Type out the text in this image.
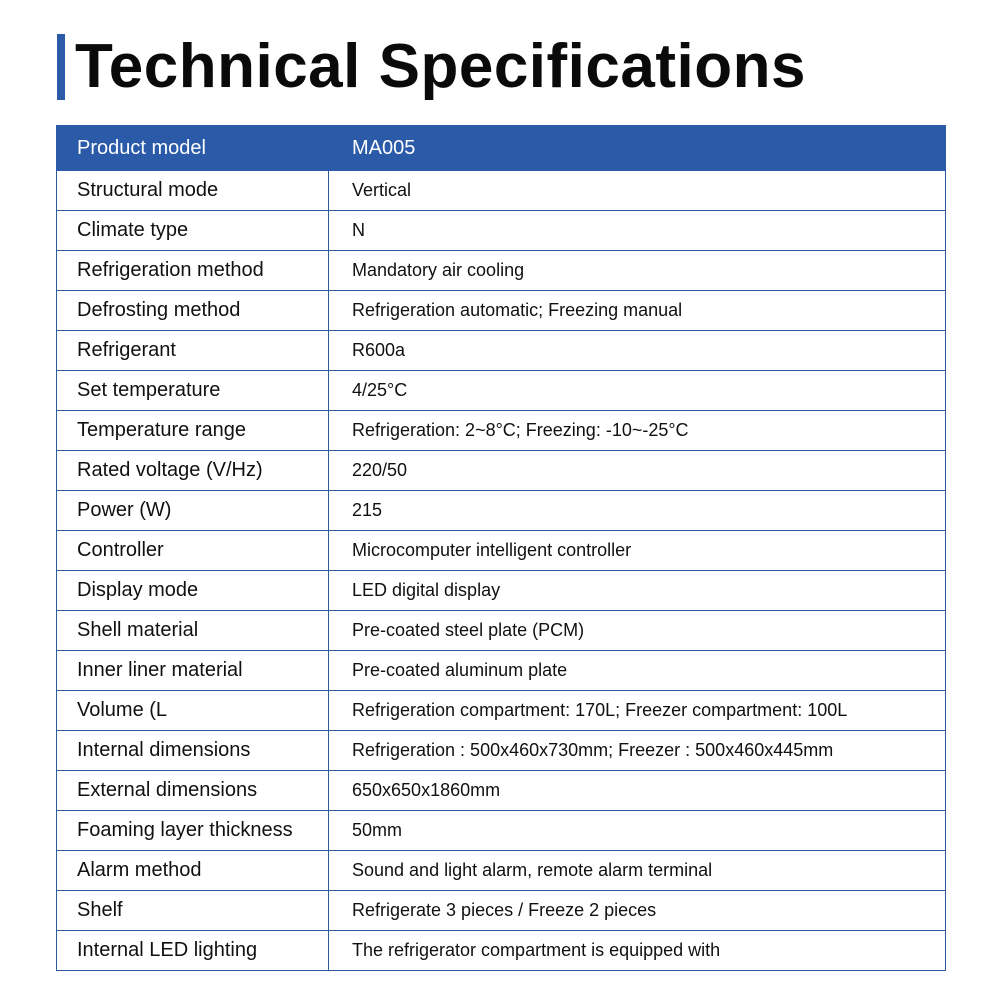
Technical Specifications
Product model	MA005
Structural mode	Vertical
Climate type	N
Refrigeration method	Mandatory air cooling
Defrosting method	Refrigeration automatic; Freezing manual
Refrigerant	R600a
Set temperature	4/25°C
Temperature range	Refrigeration: 2~8°C; Freezing: -10~-25°C
Rated voltage (V/Hz)	220/50
Power (W)	215
Controller	Microcomputer intelligent controller
Display mode	LED digital display
Shell material	Pre-coated steel plate (PCM)
Inner liner material	Pre-coated aluminum plate
Volume (L	Refrigeration compartment: 170L; Freezer compartment: 100L
Internal dimensions	Refrigeration : 500x460x730mm; Freezer : 500x460x445mm
External dimensions	650x650x1860mm
Foaming layer thickness	50mm
Alarm method	Sound and light alarm, remote alarm terminal
Shelf	Refrigerate 3 pieces / Freeze 2 pieces
Internal LED lighting	The refrigerator compartment is equipped with
